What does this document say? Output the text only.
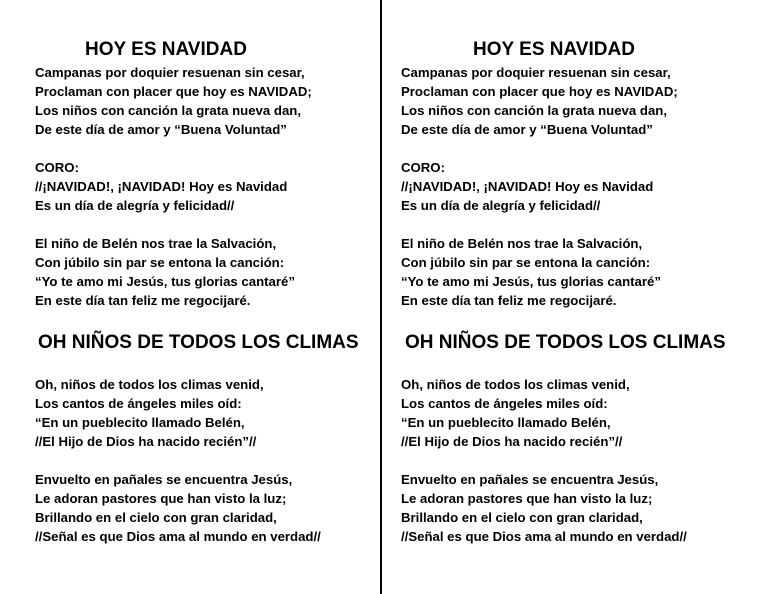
HOY ES NAVIDAD
Campanas por doquier resuenan sin cesar,
Proclaman con placer que hoy es NAVIDAD;
Los niños con canción la grata nueva dan,
De este día de amor y “Buena Voluntad”
CORO:
//¡NAVIDAD!, ¡NAVIDAD! Hoy es Navidad
Es un día de alegría y felicidad//
El niño de Belén nos trae la Salvación,
Con júbilo sin par se entona la canción:
“Yo te amo mi Jesús, tus glorias cantaré”
En este día tan feliz me regocijaré.
OH NIÑOS DE TODOS LOS CLIMAS
Oh, niños de todos los climas venid,
Los cantos de ángeles miles oíd:
“En un pueblecito llamado Belén,
//El Hijo de Dios ha nacido recién”//
Envuelto en pañales se encuentra Jesús,
Le adoran pastores que han visto la luz;
Brillando en el cielo con gran claridad,
//Señal es que Dios ama al mundo en verdad//
HOY ES NAVIDAD
Campanas por doquier resuenan sin cesar,
Proclaman con placer que hoy es NAVIDAD;
Los niños con canción la grata nueva dan,
De este día de amor y “Buena Voluntad”
CORO:
//¡NAVIDAD!, ¡NAVIDAD! Hoy es Navidad
Es un día de alegría y felicidad//
El niño de Belén nos trae la Salvación,
Con júbilo sin par se entona la canción:
“Yo te amo mi Jesús, tus glorias cantaré”
En este día tan feliz me regocijaré.
OH NIÑOS DE TODOS LOS CLIMAS
Oh, niños de todos los climas venid,
Los cantos de ángeles miles oíd:
“En un pueblecito llamado Belén,
//El Hijo de Dios ha nacido recién”//
Envuelto en pañales se encuentra Jesús,
Le adoran pastores que han visto la luz;
Brillando en el cielo con gran claridad,
//Señal es que Dios ama al mundo en verdad//
